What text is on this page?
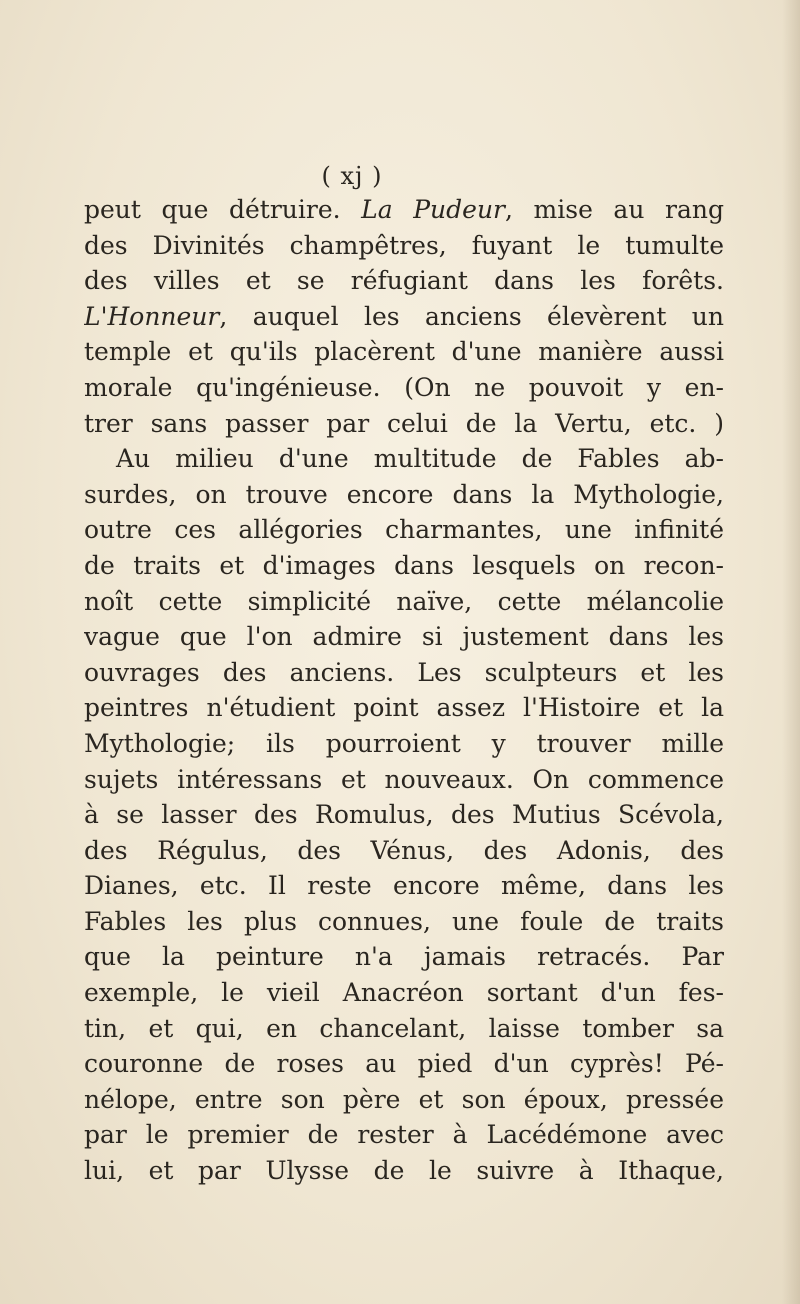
( xj )
peut que détruire. La Pudeur, mise au rang
des Divinités champêtres, fuyant le tumulte
des villes et se réfugiant dans les forêts.
L'Honneur, auquel les anciens élevèrent un
temple et qu'ils placèrent d'une manière aussi
morale qu'ingénieuse. (On ne pouvoit y en-
trer sans passer par celui de la Vertu, etc. )
Au milieu d'une multitude de Fables ab-
surdes, on trouve encore dans la Mythologie,
outre ces allégories charmantes, une infinité
de traits et d'images dans lesquels on recon-
noît cette simplicité naïve, cette mélancolie
vague que l'on admire si justement dans les
ouvrages des anciens. Les sculpteurs et les
peintres n'étudient point assez l'Histoire et la
Mythologie; ils pourroient y trouver mille
sujets intéressans et nouveaux. On commence
à se lasser des Romulus, des Mutius Scévola,
des Régulus, des Vénus, des Adonis, des
Dianes, etc. Il reste encore même, dans les
Fables les plus connues, une foule de traits
que la peinture n'a jamais retracés. Par
exemple, le vieil Anacréon sortant d'un fes-
tin, et qui, en chancelant, laisse tomber sa
couronne de roses au pied d'un cyprès! Pé-
nélope, entre son père et son époux, pressée
par le premier de rester à Lacédémone avec
lui, et par Ulysse de le suivre à Ithaque,
